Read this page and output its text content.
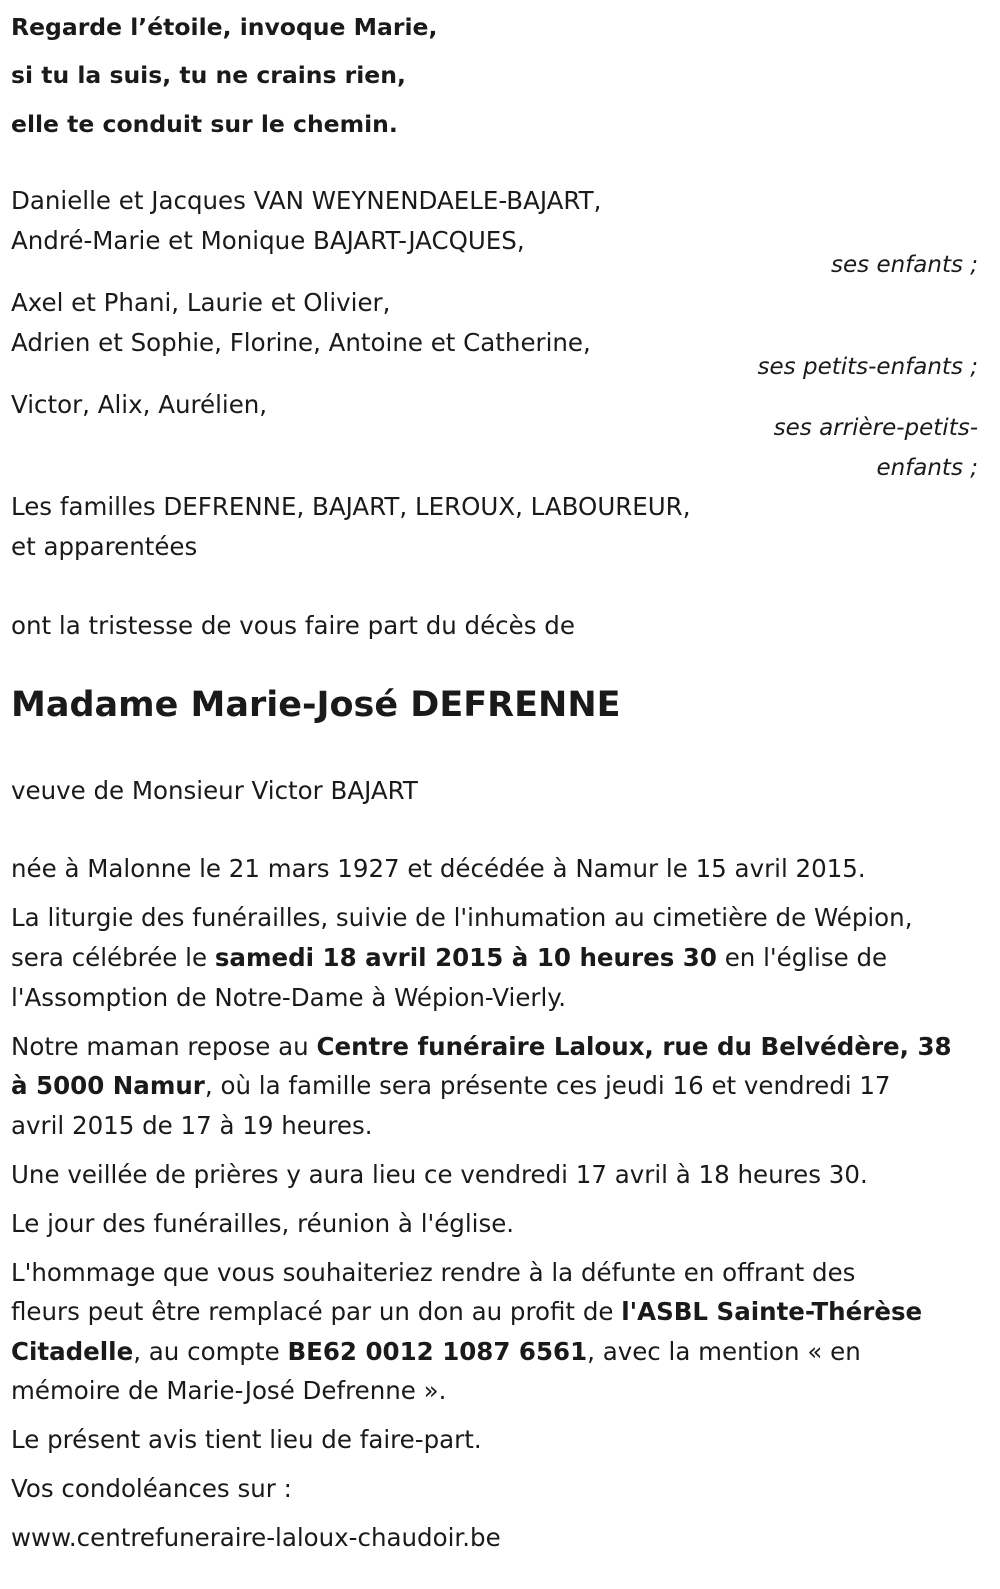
Regarde l’étoile, invoque Marie,
si tu la suis, tu ne crains rien,
elle te conduit sur le chemin.
Danielle et Jacques VAN WEYNENDAELE-BAJART,
André-Marie et Monique BAJART-JACQUES,
ses enfants ;
Axel et Phani, Laurie et Olivier,
Adrien et Sophie, Florine, Antoine et Catherine,
ses petits-enfants ;
Victor, Alix, Aurélien,
ses arrière-petits-
enfants ;
Les familles DEFRENNE, BAJART, LEROUX, LABOUREUR,
et apparentées
ont la tristesse de vous faire part du décès de
Madame Marie-José DEFRENNE
veuve de Monsieur Victor BAJART
née à Malonne le 21 mars 1927 et décédée à Namur le 15 avril 2015.
La liturgie des funérailles, suivie de l'inhumation au cimetière de Wépion,
sera célébrée le samedi 18 avril 2015 à 10 heures 30 en l'église de
l'Assomption de Notre-Dame à Wépion-Vierly.
Notre maman repose au Centre funéraire Laloux, rue du Belvédère, 38
à 5000 Namur, où la famille sera présente ces jeudi 16 et vendredi 17
avril 2015 de 17 à 19 heures.
Une veillée de prières y aura lieu ce vendredi 17 avril à 18 heures 30.
Le jour des funérailles, réunion à l'église.
L'hommage que vous souhaiteriez rendre à la défunte en offrant des
fleurs peut être remplacé par un don au profit de l'ASBL Sainte-Thérèse
Citadelle, au compte BE62 0012 1087 6561, avec la mention « en
mémoire de Marie-José Defrenne ».
Le présent avis tient lieu de faire-part.
Vos condoléances sur :
www.centrefuneraire-laloux-chaudoir.be
